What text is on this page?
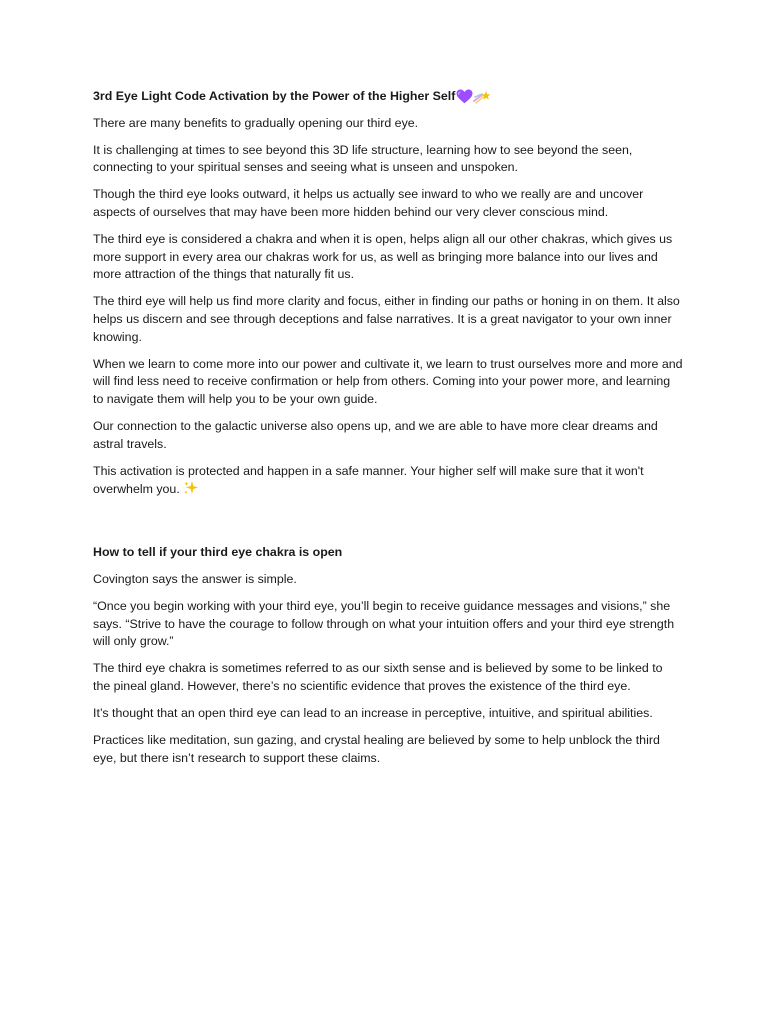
3rd Eye Light Code Activation by the Power of the Higher Self

There are many benefits to gradually opening our third eye.

It is challenging at times to see beyond this 3D life structure, learning how to see beyond the seen, connecting to your spiritual senses and seeing what is unseen and unspoken.

Though the third eye looks outward, it helps us actually see inward to who we really are and uncover aspects of ourselves that may have been more hidden behind our very clever conscious mind.

The third eye is considered a chakra and when it is open, helps align all our other chakras, which gives us more support in every area our chakras work for us, as well as bringing more balance into our lives and more attraction of the things that naturally fit us.

The third eye will help us find more clarity and focus, either in finding our paths or honing in on them. It also helps us discern and see through deceptions and false narratives. It is a great navigator to your own inner knowing.

When we learn to come more into our power and cultivate it, we learn to trust ourselves more and more and will find less need to receive confirmation or help from others. Coming into your power more, and learning to navigate them will help you to be your own guide.

Our connection to the galactic universe also opens up, and we are able to have more clear dreams and astral travels.

This activation is protected and happen in a safe manner. Your higher self will make sure that it won't overwhelm you.

How to tell if your third eye chakra is open

Covington says the answer is simple.

“Once you begin working with your third eye, you’ll begin to receive guidance messages and visions,” she says. “Strive to have the courage to follow through on what your intuition offers and your third eye strength will only grow.”

The third eye chakra is sometimes referred to as our sixth sense and is believed by some to be linked to the pineal gland. However, there’s no scientific evidence that proves the existence of the third eye.

It’s thought that an open third eye can lead to an increase in perceptive, intuitive, and spiritual abilities.

Practices like meditation, sun gazing, and crystal healing are believed by some to help unblock the third eye, but there isn’t research to support these claims.
